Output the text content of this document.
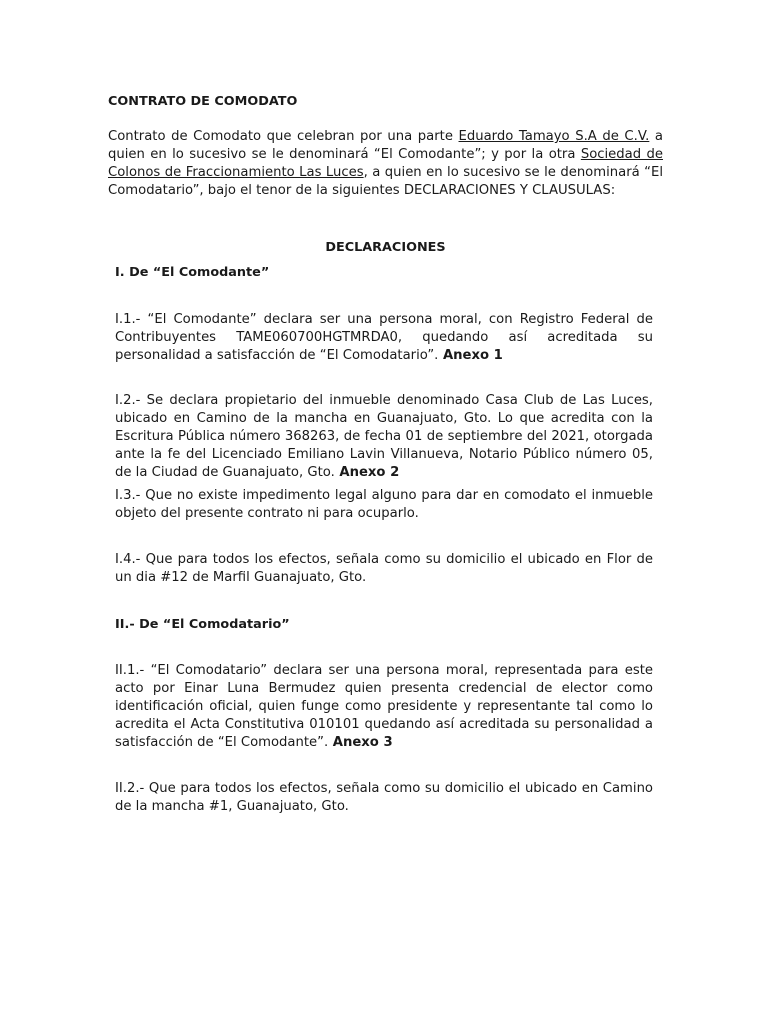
CONTRATO DE COMODATO

Contrato de Comodato que celebran por una parte Eduardo Tamayo S.A de C.V. a quien en lo sucesivo se le denominará “El Comodante”; y por la otra Sociedad de Colonos de Fraccionamiento Las Luces, a quien en lo sucesivo se le denominará “El Comodatario”, bajo el tenor de la siguientes DECLARACIONES Y CLAUSULAS:

DECLARACIONES
I. De “El Comodante”

I.1.- “El Comodante” declara ser una persona moral, con Registro Federal de Contribuyentes TAME060700HGTMRDA0, quedando así acreditada su personalidad a satisfacción de “El Comodatario”. Anexo 1

I.2.- Se declara propietario del inmueble denominado Casa Club de Las Luces, ubicado en Camino de la mancha en Guanajuato, Gto. Lo que acredita con la Escritura Pública número 368263, de fecha 01 de septiembre del 2021, otorgada ante la fe del Licenciado Emiliano Lavin Villanueva, Notario Público número 05, de la Ciudad de Guanajuato, Gto. Anexo 2

I.3.- Que no existe impedimento legal alguno para dar en comodato el inmueble objeto del presente contrato ni para ocuparlo.

I.4.- Que para todos los efectos, señala como su domicilio el ubicado en Flor de un dia #12 de Marfil Guanajuato, Gto.

II.- De “El Comodatario”

II.1.- “El Comodatario” declara ser una persona moral, representada para este acto por Einar Luna Bermudez quien presenta credencial de elector como identificación oficial, quien funge como presidente y representante tal como lo acredita el Acta Constitutiva 010101 quedando así acreditada su personalidad a satisfacción de “El Comodante”. Anexo 3

II.2.- Que para todos los efectos, señala como su domicilio el ubicado en Camino de la mancha #1, Guanajuato, Gto.
